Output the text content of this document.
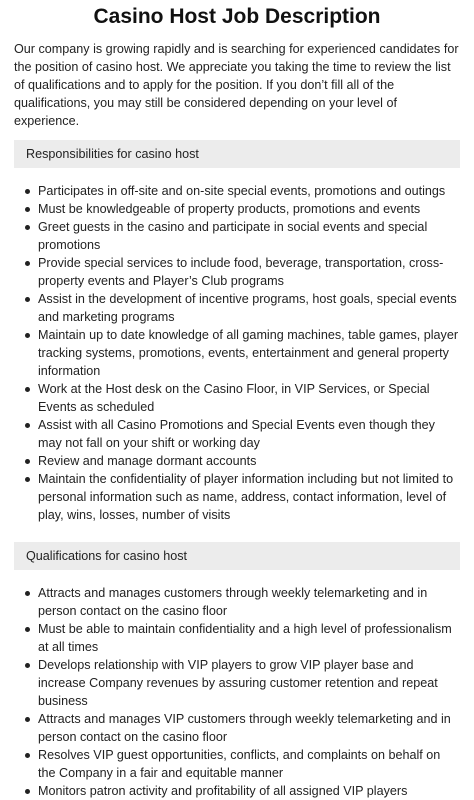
Casino Host Job Description

Our company is growing rapidly and is searching for experienced candidates for the position of casino host. We appreciate you taking the time to review the list of qualifications and to apply for the position. If you don’t fill all of the qualifications, you may still be considered depending on your level of experience.

Responsibilities for casino host
Participates in off-site and on-site special events, promotions and outings
Must be knowledgeable of property products, promotions and events
Greet guests in the casino and participate in social events and special promotions
Provide special services to include food, beverage, transportation, cross-property events and Player’s Club programs
Assist in the development of incentive programs, host goals, special events and marketing programs
Maintain up to date knowledge of all gaming machines, table games, player tracking systems, promotions, events, entertainment and general property information
Work at the Host desk on the Casino Floor, in VIP Services, or Special Events as scheduled
Assist with all Casino Promotions and Special Events even though they may not fall on your shift or working day
Review and manage dormant accounts
Maintain the confidentiality of player information including but not limited to personal information such as name, address, contact information, level of play, wins, losses, number of visits
Qualifications for casino host
Attracts and manages customers through weekly telemarketing and in person contact on the casino floor
Must be able to maintain confidentiality and a high level of professionalism at all times
Develops relationship with VIP players to grow VIP player base and increase Company revenues by assuring customer retention and repeat business
Attracts and manages VIP customers through weekly telemarketing and in person contact on the casino floor
Resolves VIP guest opportunities, conflicts, and complaints on behalf on the Company in a fair and equitable manner
Monitors patron activity and profitability of all assigned VIP players
